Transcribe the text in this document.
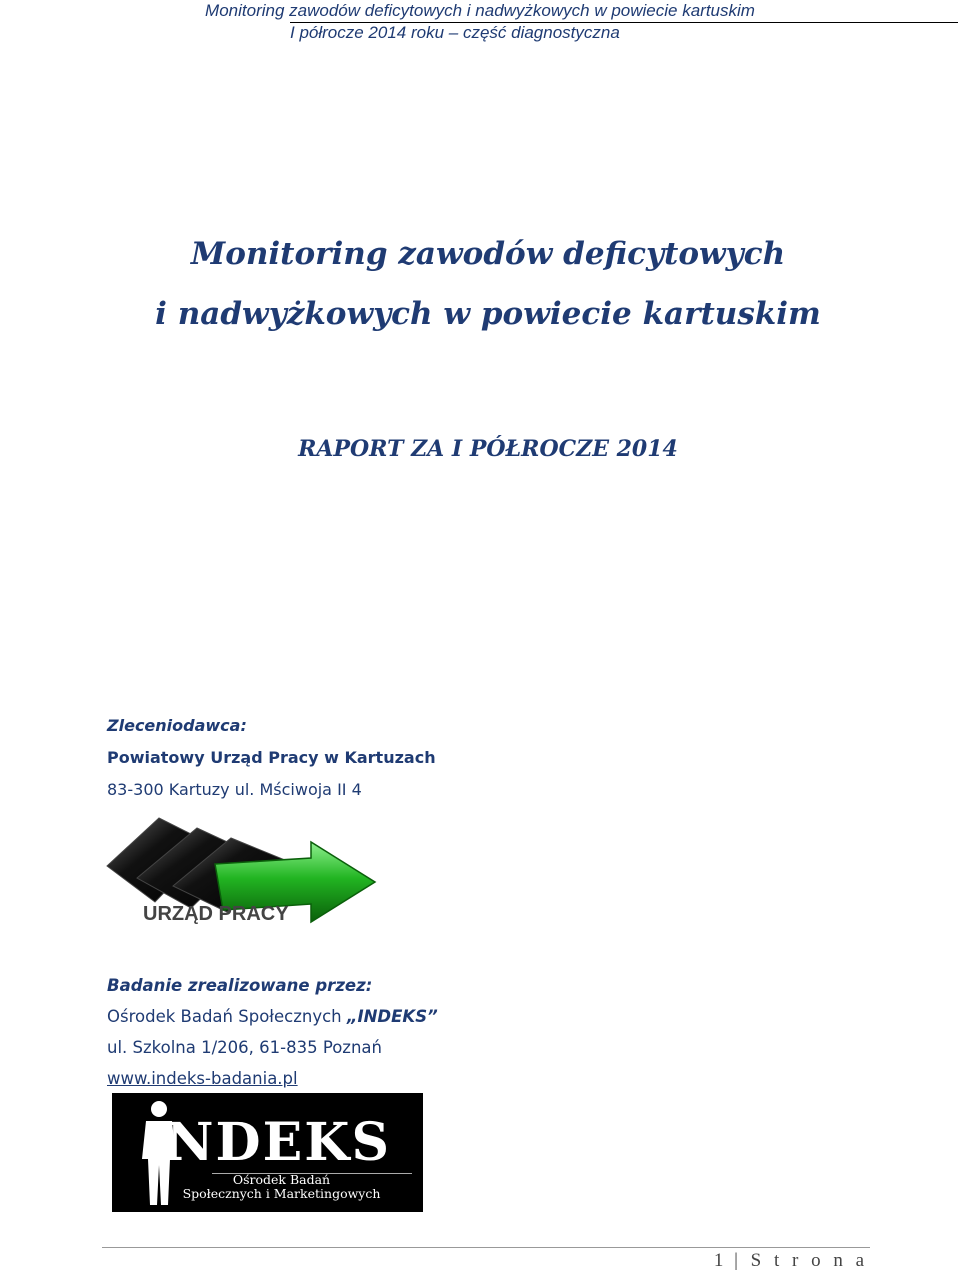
Monitoring zawodów deficytowych i nadwyżkowych w powiecie kartuskim
I półrocze 2014 roku – część diagnostyczna
Monitoring zawodów deficytowych
i nadwyżkowych w powiecie kartuskim
RAPORT ZA I PÓŁROCZE 2014
Zleceniodawca:
Powiatowy Urząd Pracy w Kartuzach
83-300 Kartuzy ul. Mściwoja II 4
URZĄD PRACY
Badanie zrealizowane przez:
Ośrodek Badań Społecznych „INDEKS”
ul. Szkolna 1/206, 61-835 Poznań
www.indeks-badania.pl
NDEKS
Ośrodek Badań
Społecznych i Marketingowych
1 | S t r o n a
